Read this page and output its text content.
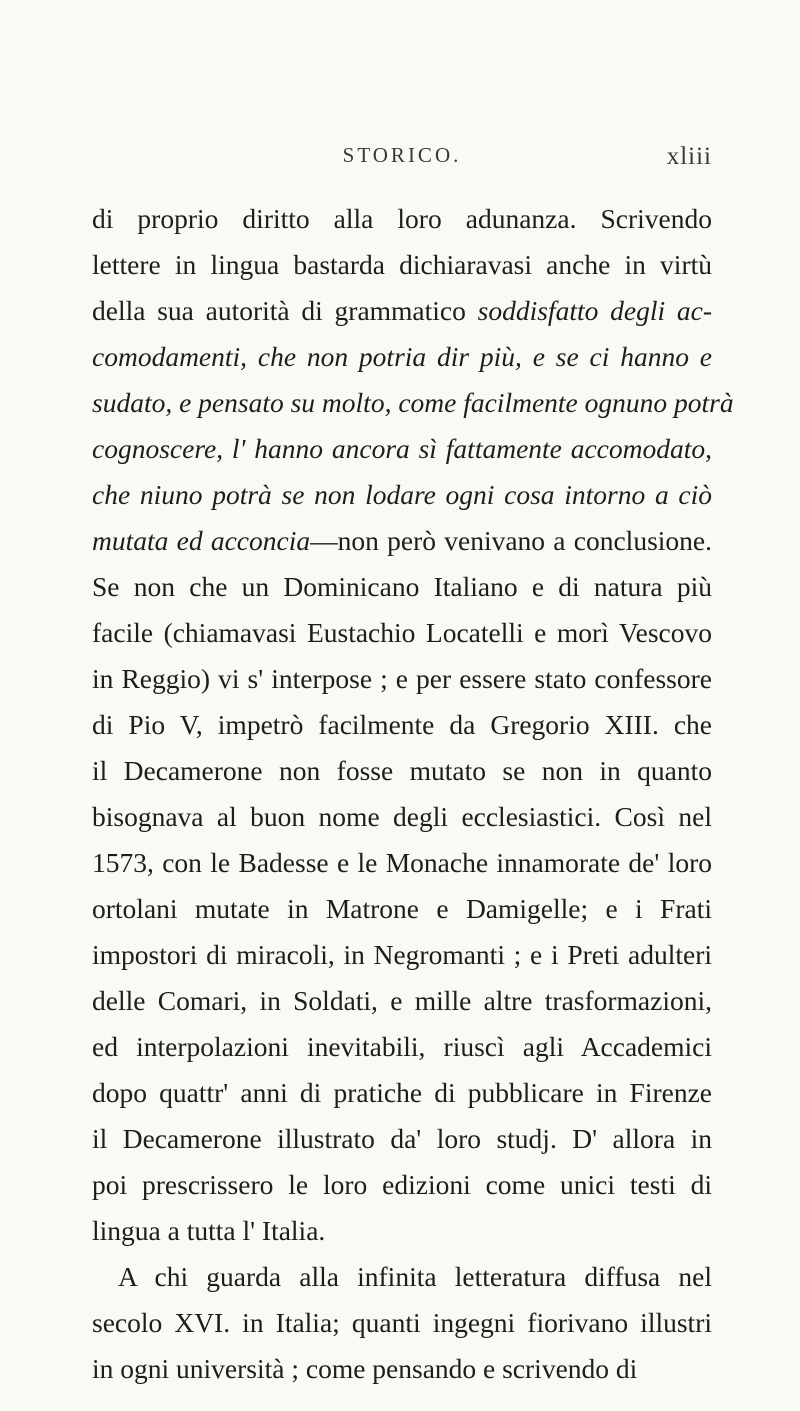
STORICO.	xliii
di proprio diritto alla loro adunanza. Scrivendo
lettere in lingua bastarda dichiaravasi anche in virtù
della sua autorità di grammatico soddisfatto degli ac-
comodamenti, che non potria dir più, e se ci hanno e
sudato, e pensato su molto, come facilmente ognuno potrà
cognoscere, l' hanno ancora sì fattamente accomodato,
che niuno potrà se non lodare ogni cosa intorno a ciò
mutata ed acconcia—non però venivano a conclusione.
Se non che un Dominicano Italiano e di natura più
facile (chiamavasi Eustachio Locatelli e morì Vescovo
in Reggio) vi s' interpose ; e per essere stato confessore
di Pio V, impetrò facilmente da Gregorio XIII. che
il Decamerone non fosse mutato se non in quanto
bisognava al buon nome degli ecclesiastici. Così nel
1573, con le Badesse e le Monache innamorate de' loro
ortolani mutate in Matrone e Damigelle; e i Frati
impostori di miracoli, in Negromanti ; e i Preti adulteri
delle Comari, in Soldati, e mille altre trasformazioni,
ed interpolazioni inevitabili, riuscì agli Accademici
dopo quattr' anni di pratiche di pubblicare in Firenze
il Decamerone illustrato da' loro studj. D' allora in
poi prescrissero le loro edizioni come unici testi di
lingua a tutta l' Italia.
A chi guarda alla infinita letteratura diffusa nel
secolo XVI. in Italia; quanti ingegni fiorivano illustri
in ogni università ; come pensando e scrivendo di
